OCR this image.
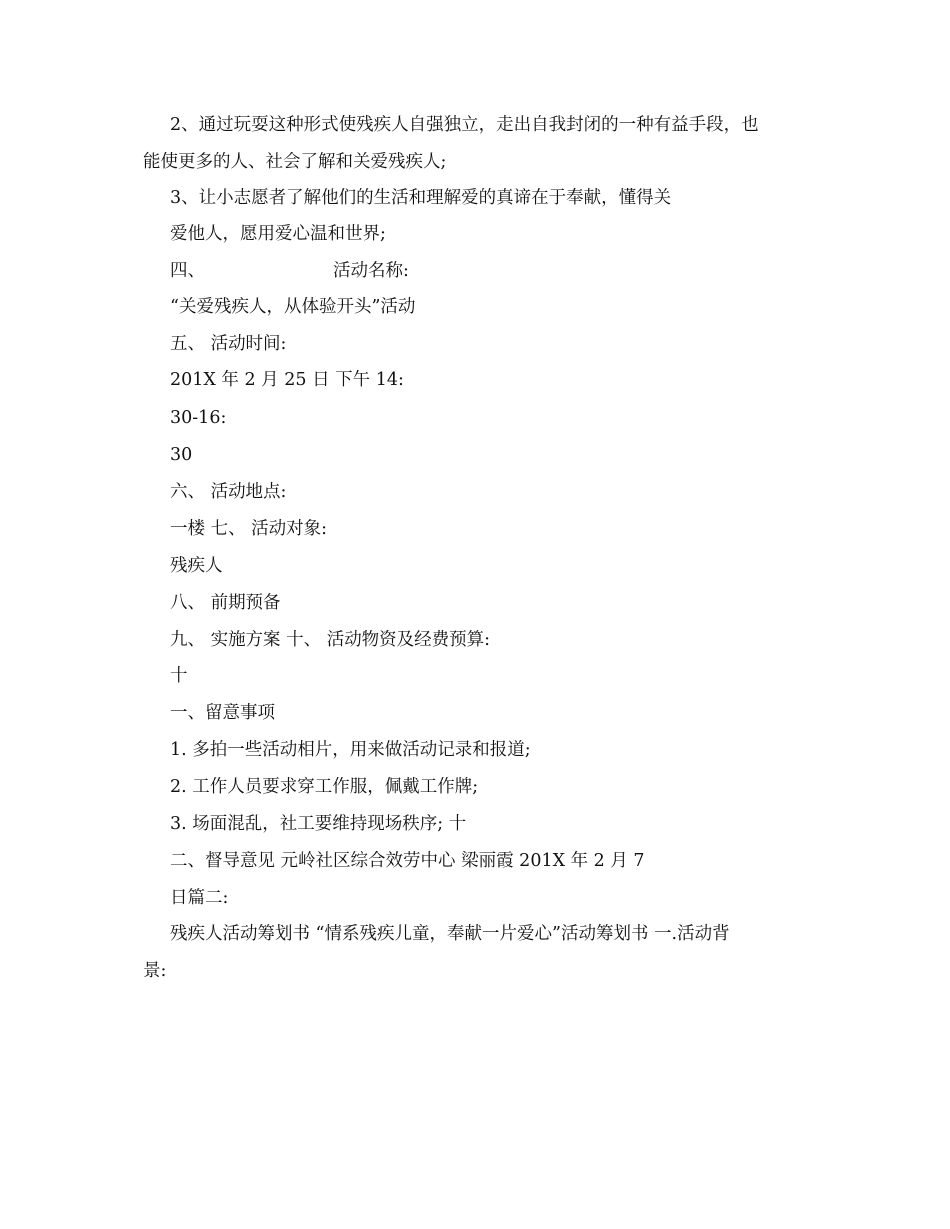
2、通过玩耍这种形式使残疾人自强独立，走出自我封闭的一种有益手段，也
能使更多的人、社会了解和关爱残疾人;
3、让小志愿者了解他们的生活和理解爱的真谛在于奉献，懂得关
爱他人，愿用爱心温和世界;
四、	活动名称:
“关爱残疾人，从体验开头”活动
五、 活动时间:
201X 年 2 月 25 日 下午 14:
30-16:
30
六、 活动地点:
一楼 七、 活动对象:
残疾人
八、 前期预备
九、 实施方案 十、 活动物资及经费预算:
十
一、留意事项
1. 多拍一些活动相片，用来做活动记录和报道;
2. 工作人员要求穿工作服，佩戴工作牌;
3. 场面混乱，社工要维持现场秩序; 十
二、督导意见 元岭社区综合效劳中心 梁丽霞 201X 年 2 月 7
日篇二:
残疾人活动筹划书 “情系残疾儿童，奉献一片爱心”活动筹划书 一.活动背
景:
